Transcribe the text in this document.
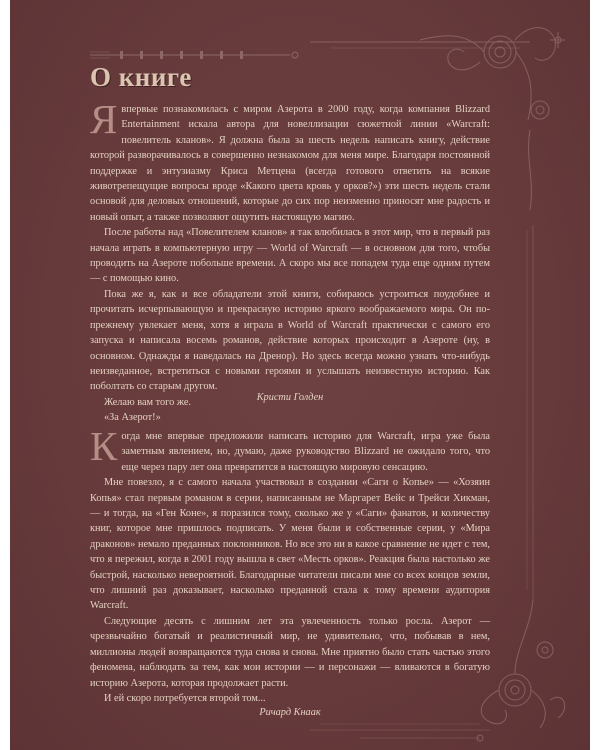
О книге

Явпервые познакомилась с миром Азерота в 2000 году, когда компания Blizzard Entertainment искала автора для новеллизации сюжетной линии «Warcraft: повелитель кланов». Я должна была за шесть недель написать книгу, действие которой разворачивалось в совершенно незнакомом для меня мире. Благодаря постоянной поддержке и энтузиазму Криса Метцена (всегда готового ответить на всякие животрепещущие вопросы вроде «Какого цвета кровь у орков?») эти шесть недель стали основой для деловых отношений, которые до сих пор неизменно приносят мне радость и новый опыт, а также позволяют ощутить настоящую магию.

После работы над «Повелителем кланов» я так влюбилась в этот мир, что в первый раз начала играть в компьютерную игру — World of Warcraft — в основном для того, чтобы проводить на Азероте побольше времени. А скоро мы все попадем туда еще одним путем — с помощью кино.

Пока же я, как и все обладатели этой книги, собираюсь устроиться поудобнее и прочитать исчерпывающую и прекрасную историю яркого воображаемого мира. Он по-прежнему увлекает меня, хотя я играла в World of Warcraft практически с самого его запуска и написала восемь романов, действие которых происходит в Азероте (ну, в основном. Однажды я наведалась на Дренор). Но здесь всегда можно узнать что-нибудь неизведанное, встретиться с новыми героями и услышать неизвестную историю. Как поболтать со старым другом.

Желаю вам того же.

«За Азерот!»

Кристи Голден

Когда мне впервые предложили написать историю для Warcraft, игра уже была заметным явлением, но, думаю, даже руководство Blizzard не ожидало того, что еще через пару лет она превратится в настоящую мировую сенсацию.

Мне повезло, я с самого начала участвовал в создании «Саги о Копье» — «Хозяин Копья» стал первым романом в серии, написанным не Маргарет Вейс и Трейси Хикман, — и тогда, на «Ген Коне», я поразился тому, сколько же у «Саги» фанатов, и количеству книг, которое мне пришлось подписать. У меня были и собственные серии, у «Мира драконов» немало преданных поклонников. Но все это ни в какое сравнение не идет с тем, что я пережил, когда в 2001 году вышла в свет «Месть орков». Реакция была настолько же быстрой, насколько невероятной. Благодарные читатели писали мне со всех концов земли, что лишний раз доказывает, насколько преданной стала к тому времени аудитория Warcraft.

Следующие десять с лишним лет эта увлеченность только росла. Азерот — чрезвычайно богатый и реалистичный мир, не удивительно, что, побывав в нем, миллионы людей возвращаются туда снова и снова. Мне приятно было стать частью этого феномена, наблюдать за тем, как мои истории — и персонажи — вливаются в богатую историю Азерота, которая продолжает расти.

И ей скоро потребуется второй том...

Ричард Кнаак
